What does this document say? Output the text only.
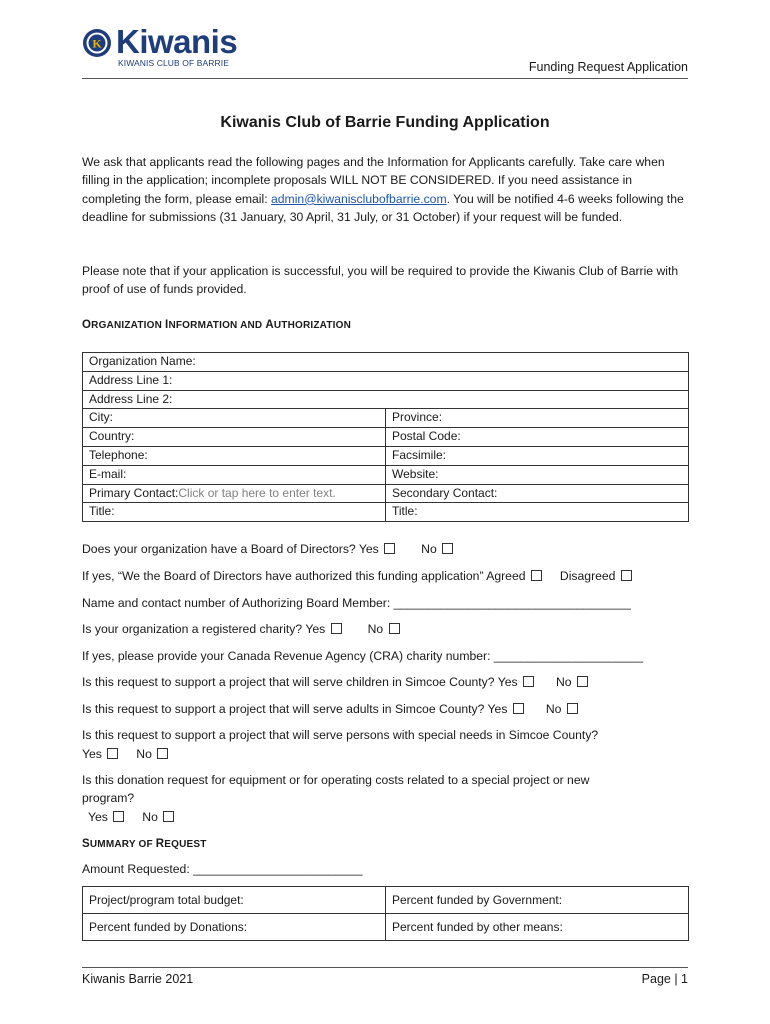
K Kiwanis
KIWANIS CLUB OF BARRIE	Funding Request Application
Kiwanis Club of Barrie Funding Application
We ask that applicants read the following pages and the Information for Applicants carefully. Take care when filling in the application; incomplete proposals WILL NOT BE CONSIDERED. If you need assistance in completing the form, please email: admin@kiwanisclubofbarrie.com. You will be notified 4-6 weeks following the deadline for submissions (31 January, 30 April, 31 July, or 31 October) if your request will be funded.
Please note that if your application is successful, you will be required to provide the Kiwanis Club of Barrie with proof of use of funds provided.
ORGANIZATION INFORMATION AND AUTHORIZATION
Organization Name:	
Address Line 1:	
Address Line 2:	
City:	Province:
Country:	Postal Code:
Telephone:	Facsimile:
E-mail:	Website:
Primary Contact:Click or tap here to enter text.	Secondary Contact:
Title:	Title:
Does your organization have a Board of Directors? Yes	No
If yes, “We the Board of Directors have authorized this funding application” Agreed	Disagreed
Name and contact number of Authorizing Board Member: ___________________________________
Is your organization a registered charity? Yes	No
If yes, please provide your Canada Revenue Agency (CRA) charity number: ______________________
Is this request to support a project that will serve children in Simcoe County? Yes	No
Is this request to support a project that will serve adults in Simcoe County? Yes	No
Is this request to support a project that will serve persons with special needs in Simcoe County?
Yes	No
Is this donation request for equipment or for operating costs related to a special project or new
program?
Yes	No
SUMMARY OF REQUEST
Amount Requested: _________________________
Project/program total budget:	Percent funded by Government:
Percent funded by Donations:	Percent funded by other means:
Kiwanis Barrie 2021	Page | 1
